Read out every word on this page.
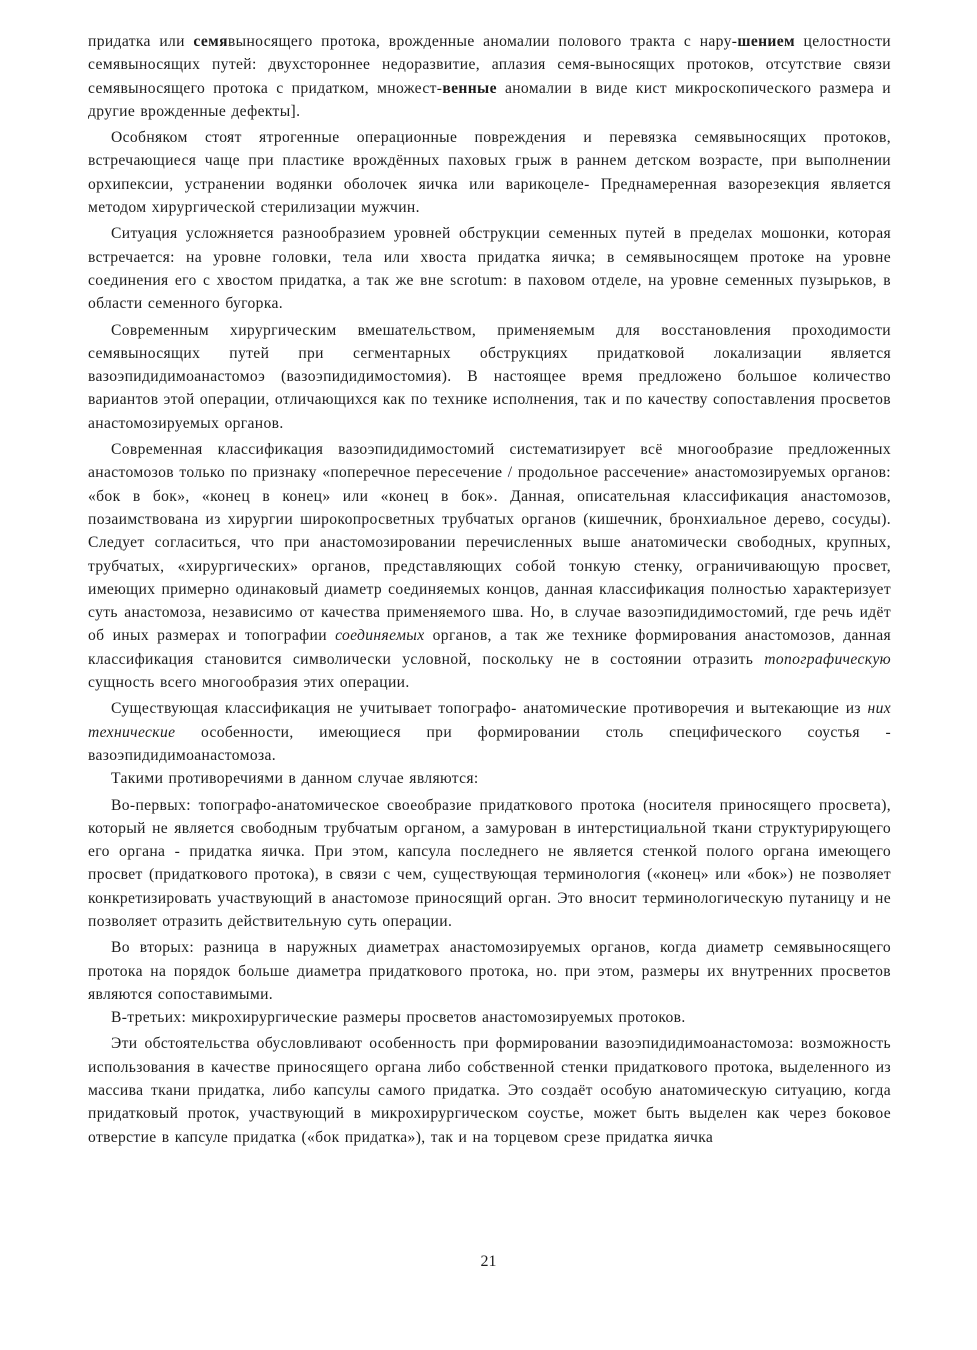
придатка или семявыносящего протока, врожденные аномалии полового тракта с нару-шением целостности семявыносящих путей: двухстороннее недоразвитие, аплазия семя-выносящих протоков, отсутствие связи семявыносящего протока с придатком, множест-венные аномалии в виде кист микроскопического размера и другие врожденные дефекты].

Особняком стоят ятрогенные операционные повреждения и перевязка семявыносящих протоков, встречающиеся чаще при пластике врождённых паховых грыж в раннем детском возрасте, при выполнении орхипексии, устранении водянки оболочек яичка или варикоцеле- Преднамеренная вазорезекция является методом хирургической стерилизации мужчин.

Ситуация усложняется разнообразием уровней обструкции семенных путей в пределах мошонки, которая встречается: на уровне головки, тела или хвоста придатка яичка; в семявыносящем протоке на уровне соединения его с хвостом придатка, а так же вне scrotum: в паховом отделе, на уровне семенных пузырьков, в области семенного бугорка.

Современным хирургическим вмешательством, применяемым для восстановления проходимости семявыносящих путей при сегментарных обструкциях придатковой локализации является вазоэпидидимоанастомоэ (вазоэпидидимостомия). В настоящее время предложено большое количество вариантов этой операции, отличающихся как по технике исполнения, так и по качеству сопоставления просветов анастомозируемых органов.

Современная классификация вазоэпидидимостомий систематизирует всё многообразие предложенных анастомозов только по признаку «поперечное пересечение / продольное рассечение» анастомозируемых органов: «бок в бок», «конец в конец» или «конец в бок». Данная, описательная классификация анастомозов, позаимствована из хирургии широкопросветных трубчатых органов (кишечник, бронхиальное дерево, сосуды). Следует согласиться, что при анастомозировании перечисленных выше анатомически свободных, крупных, трубчатых, «хирургических» органов, представляющих собой тонкую стенку, ограничивающую просвет, имеющих примерно одинаковый диаметр соединяемых концов, данная классификация полностью характеризует суть анастомоза, независимо от качества применяемого шва. Но, в случае вазоэпидидимостомий, где речь идёт об иных размерах и топографии соединяемых органов, а так же технике формирования анастомозов, данная классификация становится символически условной, поскольку не в состоянии отразить топографическую сущность всего многообразия этих операции.

Существующая классификация не учитывает топографо- анатомические противоречия и вытекающие из них технические особенности, имеющиеся при формировании столь специфического соустья - вазоэпидидимоанастомоза.

Такими противоречиями в данном случае являются:

Во-первых: топографо-анатомическое своеобразие придаткового протока (носителя приносящего просвета), который не является свободным трубчатым органом, а замурован в интерстициальной ткани структурирующего его органа - придатка яичка. При этом, капсула последнего не является стенкой полого органа имеющего просвет (придаткового протока), в связи с чем, существующая терминология («конец» или «бок») не позволяет конкретизировать участвующий в анастомозе приносящий орган. Это вносит терминологическую путаницу и не позволяет отразить действительную суть операции.

Во вторых: разница в наружных диаметрах анастомозируемых органов, когда диаметр семявыносящего протока на порядок больше диаметра придаткового протока, но. при этом, размеры их внутренних просветов являются сопоставимыми.

В-третьих: микрохирургические размеры просветов анастомозируемых протоков.

Эти обстоятельства обусловливают особенность при формировании вазоэпидидимоанастомоза: возможность использования в качестве приносящего органа либо собственной стенки придаткового протока, выделенного из массива ткани придатка, либо капсулы самого придатка. Это создаёт особую анатомическую ситуацию, когда придатковый проток, участвующий в микрохирургическом соустье, может быть выделен как через боковое отверстие в капсуле придатка («бок придатка»), так и на торцевом срезе придатка яичка

21
